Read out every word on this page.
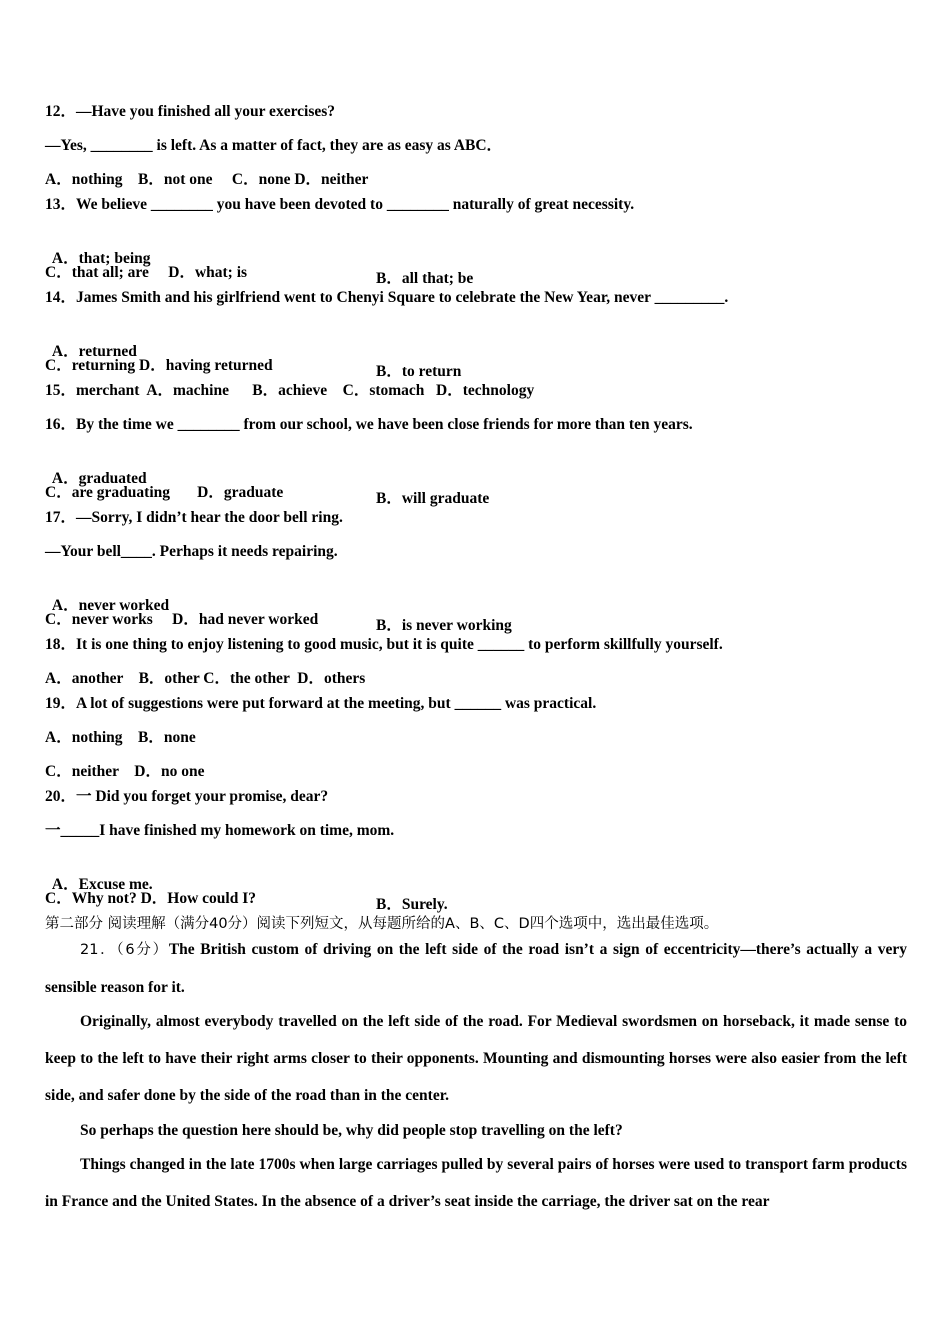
12．—Have you finished all your exercises?
—Yes, ________ is left. As a matter of fact, they are as easy as ABC．
A．nothing    B．not one     C．none D．neither
13．We believe ________ you have been devoted to ________ naturally of great necessity.

A．that; being

B．all that; be

C．that all; are     D．what; is
14．James Smith and his girlfriend went to Chenyi Square to celebrate the New Year, never _________.

A．returned

B．to return

C．returning D．having returned
15．merchant  A．machine      B．achieve    C．stomach   D．technology
16．By the time we ________ from our school, we have been close friends for more than ten years.

A．graduated

B．will graduate

C．are graduating       D．graduate
17．—Sorry, I didn’t hear the door bell ring.
—Your bell____. Perhaps it needs repairing.

A．never worked

B．is never working

C．never works     D．had never worked
18．It is one thing to enjoy listening to good music, but it is quite ______ to perform skillfully yourself.
A．another    B．other C．the other  D．others
19．A lot of suggestions were put forward at the meeting, but ______ was practical.
A．nothing    B．none
C．neither    D．no one
20．一 Did you forget your promise, dear?
一_____I have finished my homework on time, mom.

A．Excuse me.

B．Surely.

C．Why not? D．How could I?
第二部分 阅读理解（满分40分）阅读下列短文，从每题所给的A、B、C、D四个选项中，选出最佳选项。
21．（6分）The British custom of driving on the left side of the road isn’t a sign of eccentricity—there’s actually a very sensible reason for it.
Originally, almost everybody travelled on the left side of the road. For Medieval swordsmen on horseback, it made sense to keep to the left to have their right arms closer to their opponents. Mounting and dismounting horses were also easier from the left side, and safer done by the side of the road than in the center.
So perhaps the question here should be, why did people stop travelling on the left?
Things changed in the late 1700s when large carriages pulled by several pairs of horses were used to transport farm products in France and the United States. In the absence of a driver’s seat inside the carriage, the driver sat on the rear
